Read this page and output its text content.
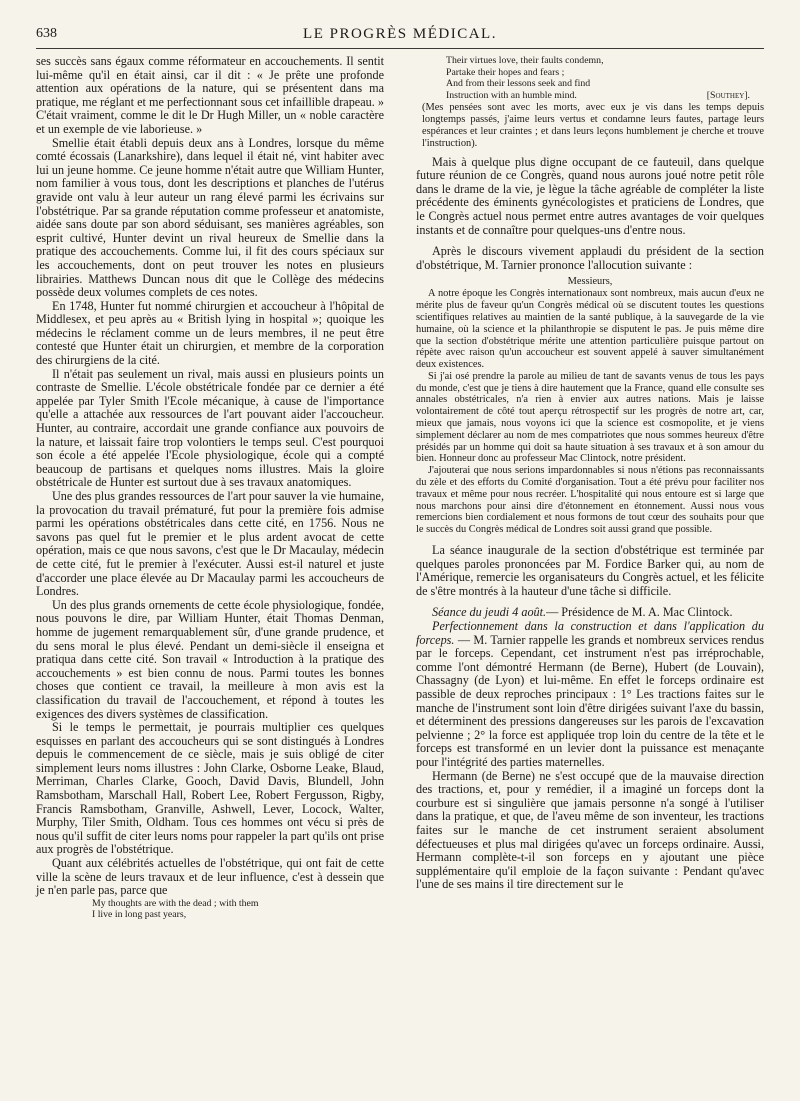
638	LE PROGRÈS MÉDICAL.

ses succès sans égaux comme réformateur en accouchements. Il sentit lui-même qu'il en était ainsi, car il dit : « Je prête une profonde attention aux opérations de la nature, qui se présentent dans ma pratique, me réglant et me perfectionnant sous cet infaillible drapeau. » C'était vraiment, comme le dit le Dr Hugh Miller, un « noble caractère et un exemple de vie laborieuse. »

Smellie était établi depuis deux ans à Londres, lorsque du même comté écossais (Lanarkshire), dans lequel il était né, vint habiter avec lui un jeune homme. Ce jeune homme n'était autre que William Hunter, nom familier à vous tous, dont les descriptions et planches de l'utérus gravide ont valu à leur auteur un rang élevé parmi les écrivains sur l'obstétrique. Par sa grande réputation comme professeur et anatomiste, aidée sans doute par son abord séduisant, ses manières agréables, son esprit cultivé, Hunter devint un rival heureux de Smellie dans la pratique des accouchements. Comme lui, il fit des cours spéciaux sur les accouchements, dont on peut trouver les notes en plusieurs librairies. Matthews Duncan nous dit que le Collège des médecins possède deux volumes complets de ces notes.

En 1748, Hunter fut nommé chirurgien et accoucheur à l'hôpital de Middlesex, et peu après au « British lying in hospital »; quoique les médecins le réclament comme un de leurs membres, il ne peut être contesté que Hunter était un chirurgien, et membre de la corporation des chirurgiens de la cité.

Il n'était pas seulement un rival, mais aussi en plusieurs points un contraste de Smellie. L'école obstétricale fondée par ce dernier a été appelée par Tyler Smith l'Ecole mécanique, à cause de l'importance qu'elle a attachée aux ressources de l'art pouvant aider l'accoucheur. Hunter, au contraire, accordait une grande confiance aux pouvoirs de la nature, et laissait faire trop volontiers le temps seul. C'est pourquoi son école a été appelée l'Ecole physiologique, école qui a compté beaucoup de partisans et quelques noms illustres. Mais la gloire obstétricale de Hunter est surtout due à ses travaux anatomiques.

Une des plus grandes ressources de l'art pour sauver la vie humaine, la provocation du travail prématuré, fut pour la première fois admise parmi les opérations obstétricales dans cette cité, en 1756. Nous ne savons pas quel fut le premier et le plus ardent avocat de cette opération, mais ce que nous savons, c'est que le Dr Macaulay, médecin de cette cité, fut le premier à l'exécuter. Aussi est-il naturel et juste d'accorder une place élevée au Dr Macaulay parmi les accoucheurs de Londres.

Un des plus grands ornements de cette école physiologique, fondée, nous pouvons le dire, par William Hunter, était Thomas Denman, homme de jugement remarquablement sûr, d'une grande prudence, et du sens moral le plus élevé. Pendant un demi-siècle il enseigna et pratiqua dans cette cité. Son travail « Introduction à la pratique des accouchements » est bien connu de nous. Parmi toutes les bonnes choses que contient ce travail, la meilleure à mon avis est la classification du travail de l'accouchement, et répond à toutes les exigences des divers systèmes de classification.

Si le temps le permettait, je pourrais multiplier ces quelques esquisses en parlant des accoucheurs qui se sont distingués à Londres depuis le commencement de ce siècle, mais je suis obligé de citer simplement leurs noms illustres : John Clarke, Osborne Leake, Blaud, Merriman, Charles Clarke, Gooch, David Davis, Blundell, John Ramsbotham, Marschall Hall, Robert Lee, Robert Fergusson, Rigby, Francis Ramsbotham, Granville, Ashwell, Lever, Locock, Walter, Murphy, Tiler Smith, Oldham. Tous ces hommes ont vécu si près de nous qu'il suffit de citer leurs noms pour rappeler la part qu'ils ont prise aux progrès de l'obstétrique.

Quant aux célébrités actuelles de l'obstétrique, qui ont fait de cette ville la scène de leurs travaux et de leur influence, c'est à dessein que je n'en parle pas, parce que

My thoughts are with the dead ; with them
I live in long past years,
Their virtues love, their faults condemn,
Partake their hopes and fears ;
And from their lessons seek and find
Instruction with an humble mind.	[Southey].
(Mes pensées sont avec les morts, avec eux je vis dans les temps depuis longtemps passés, j'aime leurs vertus et condamne leurs fautes, partage leurs espérances et leur craintes ; et dans leurs leçons humblement je cherche et trouve l'instruction).

Mais à quelque plus digne occupant de ce fauteuil, dans quelque future réunion de ce Congrès, quand nous aurons joué notre petit rôle dans le drame de la vie, je lègue la tâche agréable de compléter la liste précédente des éminents gynécologistes et praticiens de Londres, que le Congrès actuel nous permet entre autres avantages de voir quelques instants et de connaître pour quelques-uns d'entre nous.

Après le discours vivement applaudi du président de la section d'obstétrique, M. Tarnier prononce l'allocution suivante :

Messieurs,

A notre époque les Congrès internationaux sont nombreux, mais aucun d'eux ne mérite plus de faveur qu'un Congrès médical où se discutent toutes les questions scientifiques relatives au maintien de la santé publique, à la sauvegarde de la vie humaine, où la science et la philanthropie se disputent le pas. Je puis même dire que la section d'obstétrique mérite une attention particulière puisque partout on répète avec raison qu'un accoucheur est souvent appelé à sauver simultanément deux existences.

Si j'ai osé prendre la parole au milieu de tant de savants venus de tous les pays du monde, c'est que je tiens à dire hautement que la France, quand elle consulte ses annales obstétricales, n'a rien à envier aux autres nations. Mais je laisse volontairement de côté tout aperçu rétrospectif sur les progrès de notre art, car, mieux que jamais, nous voyons ici que la science est cosmopolite, et je viens simplement déclarer au nom de mes compatriotes que nous sommes heureux d'être présidés par un homme qui doit sa haute situation à ses travaux et à son amour du bien. Honneur donc au professeur Mac Clintock, notre président.

J'ajouterai que nous serions impardonnables si nous n'étions pas reconnaissants du zèle et des efforts du Comité d'organisation. Tout a été prévu pour faciliter nos travaux et même pour nous recréer. L'hospitalité qui nous entoure est si large que nous marchons pour ainsi dire d'étonnement en étonnement. Aussi nous vous remercions bien cordialement et nous formons de tout cœur des souhaits pour que le succès du Congrès médical de Londres soit aussi grand que possible.

La séance inaugurale de la section d'obstétrique est terminée par quelques paroles prononcées par M. Fordice Barker qui, au nom de l'Amérique, remercie les organisateurs du Congrès actuel, et les félicite de s'être montrés à la hauteur d'une tâche si difficile.

Séance du jeudi 4 août.— Présidence de M. A. Mac Clintock.

Perfectionnement dans la construction et dans l'application du forceps. — M. Tarnier rappelle les grands et nombreux services rendus par le forceps. Cependant, cet instrument n'est pas irréprochable, comme l'ont démontré Hermann (de Berne), Hubert (de Louvain), Chassagny (de Lyon) et lui-même. En effet le forceps ordinaire est passible de deux reproches principaux : 1° Les tractions faites sur le manche de l'instrument sont loin d'être dirigées suivant l'axe du bassin, et déterminent des pressions dangereuses sur les parois de l'excavation pelvienne ; 2° la force est appliquée trop loin du centre de la tête et le forceps est transformé en un levier dont la puissance est menaçante pour l'intégrité des parties maternelles.

Hermann (de Berne) ne s'est occupé que de la mauvaise direction des tractions, et, pour y remédier, il a imaginé un forceps dont la courbure est si singulière que jamais personne n'a songé à l'utiliser dans la pratique, et que, de l'aveu même de son inventeur, les tractions faites sur le manche de cet instrument seraient absolument défectueuses et plus mal dirigées qu'avec un forceps ordinaire. Aussi, Hermann complète-t-il son forceps en y ajoutant une pièce supplémentaire qu'il emploie de la façon suivante : Pendant qu'avec l'une de ses mains il tire directement sur le
